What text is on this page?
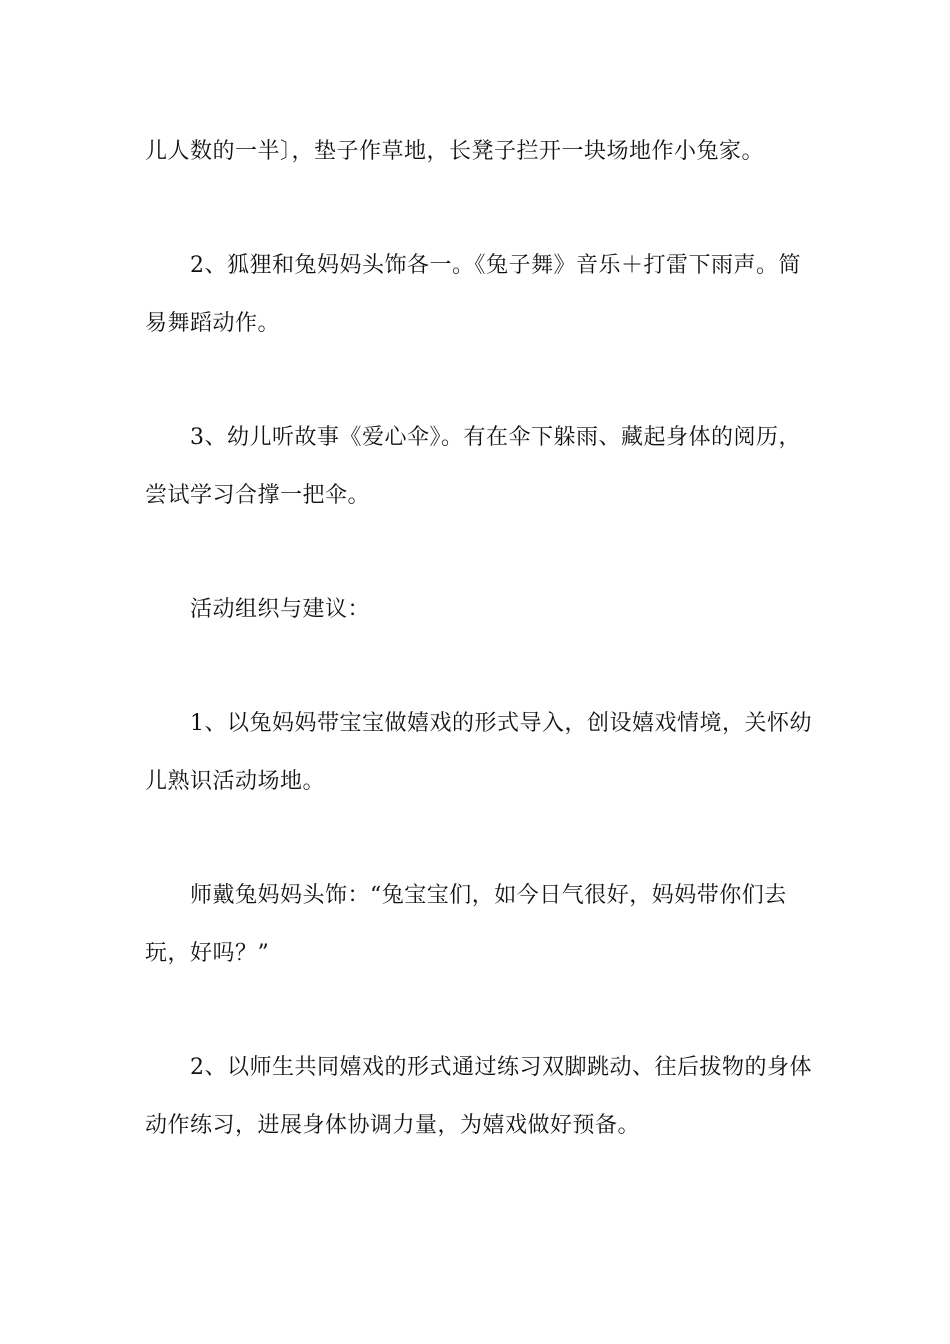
儿人数的一半〕，垫子作草地，长凳子拦开一块场地作小兔家。
2、狐狸和兔妈妈头饰各一。《兔子舞》音乐＋打雷下雨声。简
易舞蹈动作。
3、幼儿听故事《爱心伞》。有在伞下躲雨、藏起身体的阅历，
尝试学习合撑一把伞。
活动组织与建议：
1、以兔妈妈带宝宝做嬉戏的形式导入，创设嬉戏情境，关怀幼
儿熟识活动场地。
师戴兔妈妈头饰：“兔宝宝们，如今日气很好，妈妈带你们去
玩，好吗？”
2、以师生共同嬉戏的形式通过练习双脚跳动、往后拔物的身体
动作练习，进展身体协调力量，为嬉戏做好预备。
